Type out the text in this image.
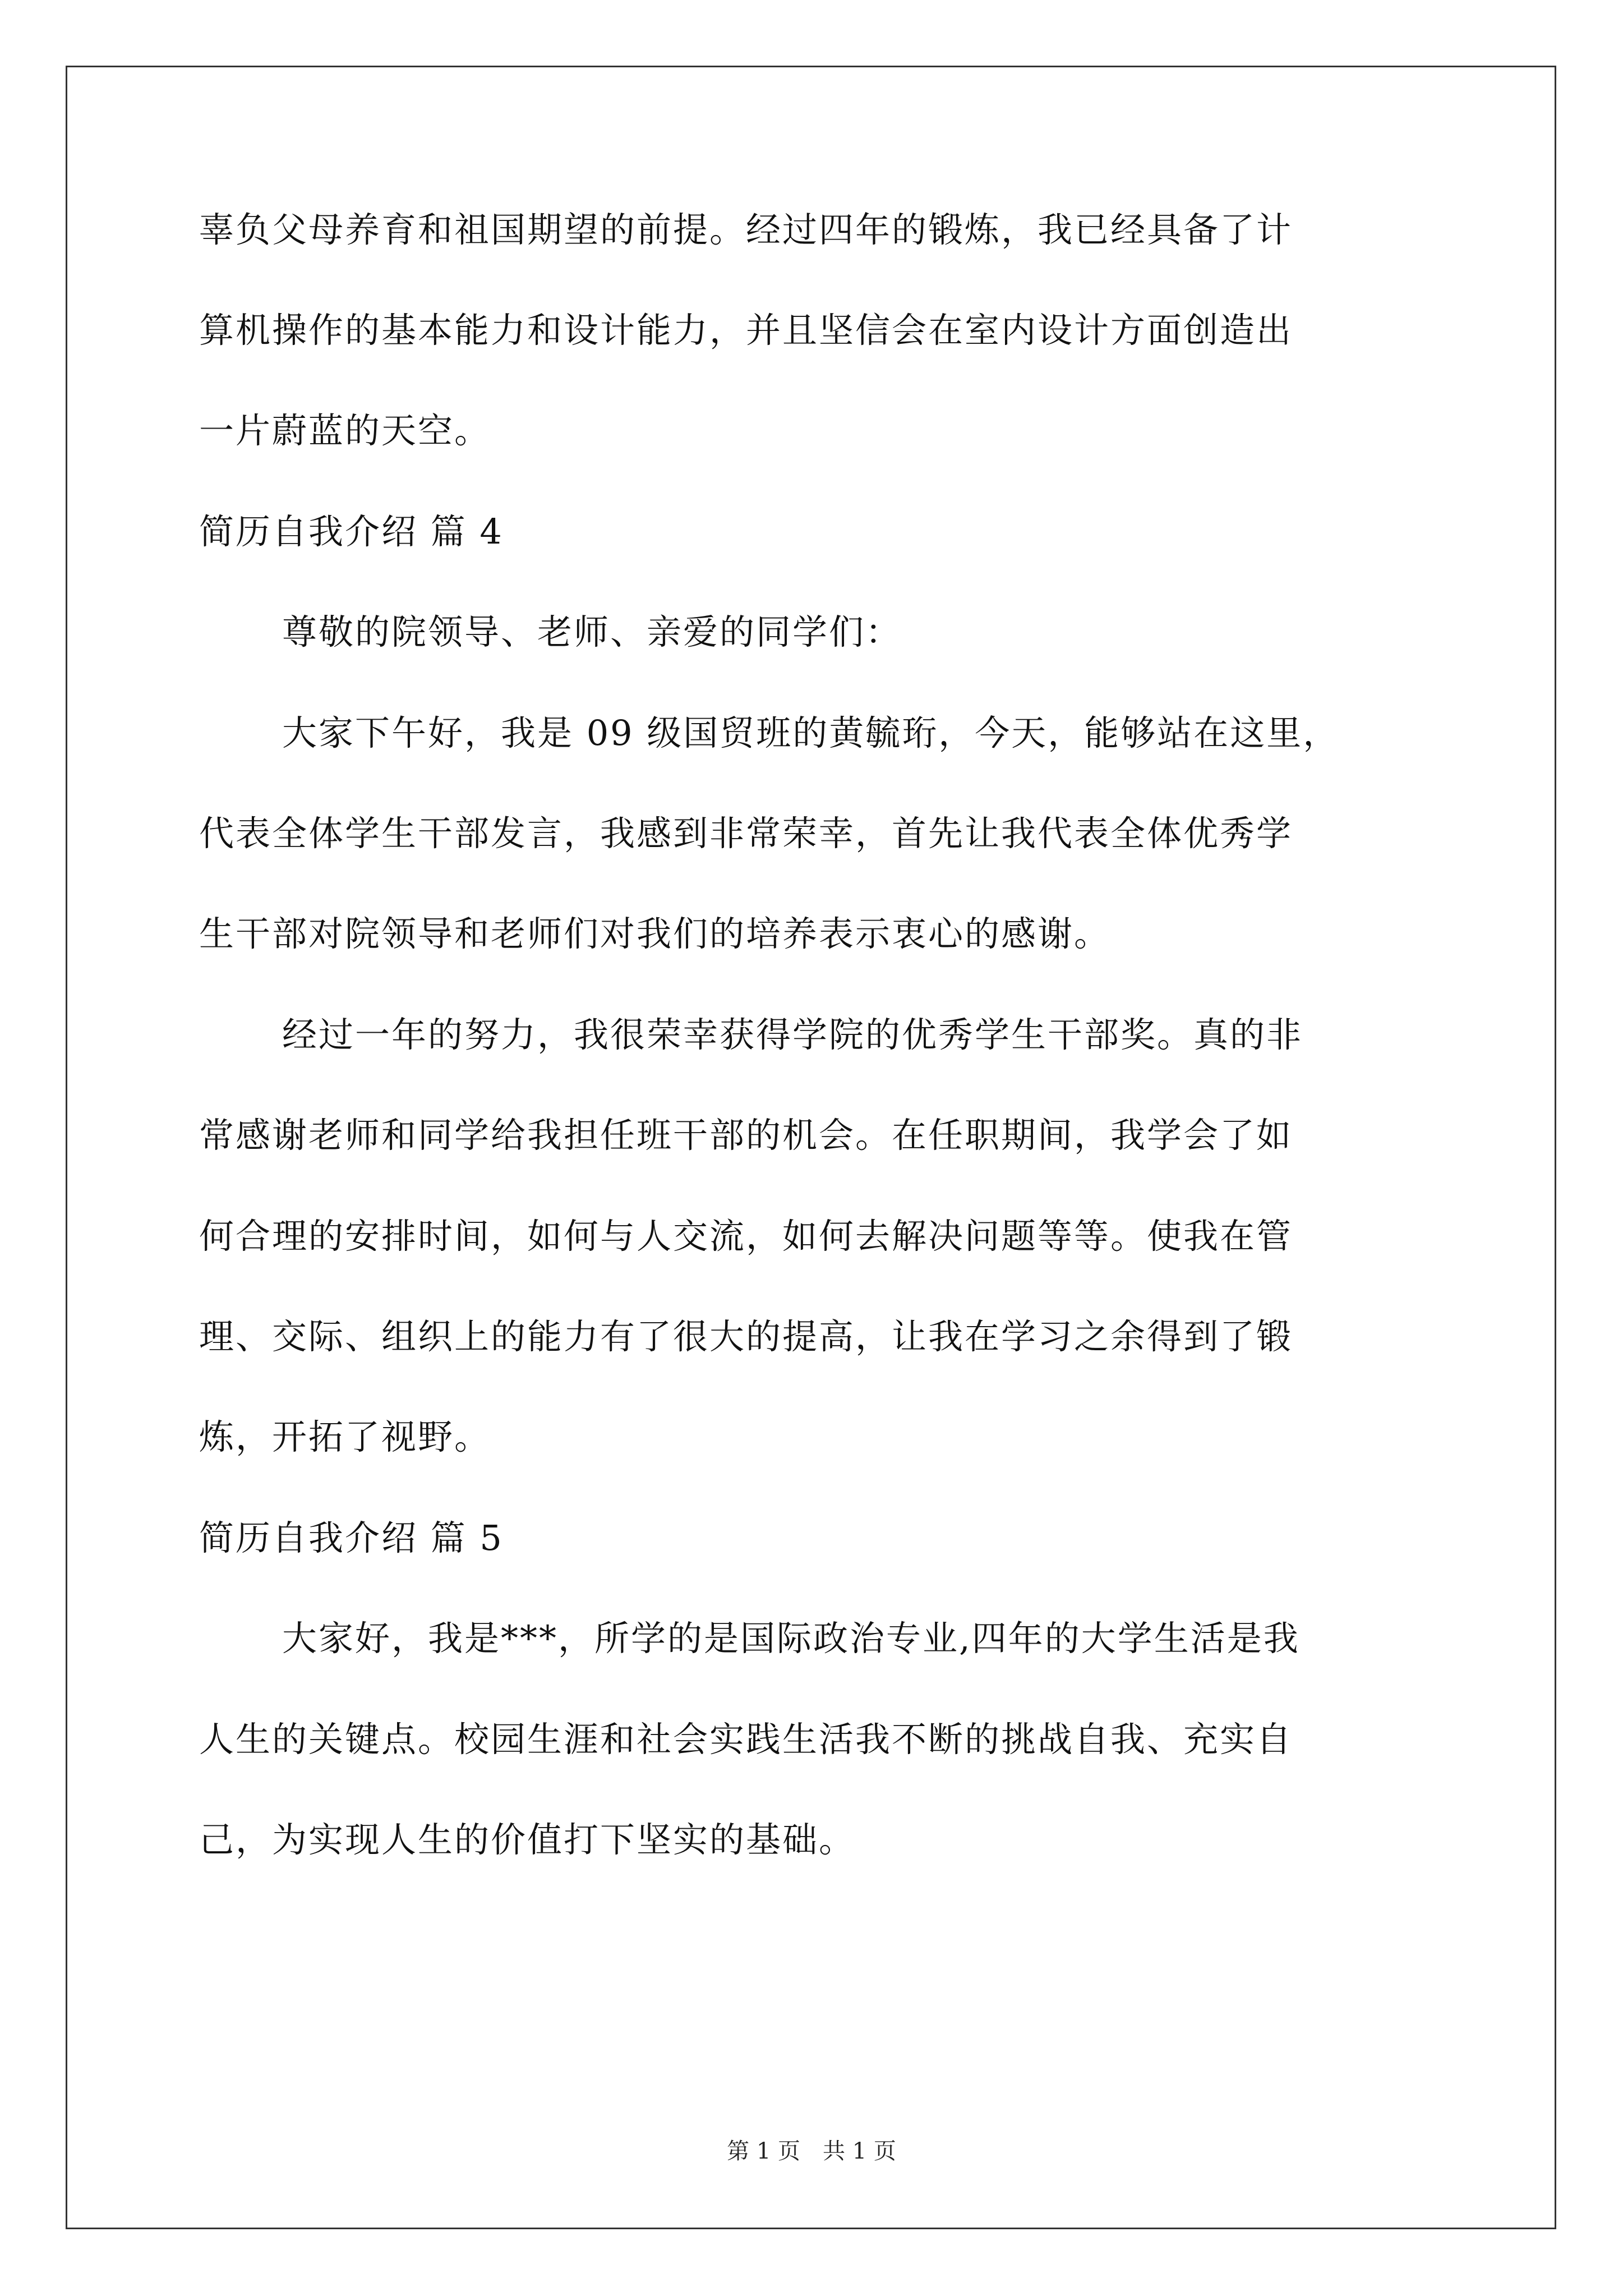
辜负父母养育和祖国期望的前提。经过四年的锻炼，我已经具备了计
算机操作的基本能力和设计能力，并且坚信会在室内设计方面创造出
一片蔚蓝的天空。
简历自我介绍 篇 4
尊敬的院领导、老师、亲爱的同学们：
大家下午好，我是 09 级国贸班的黄毓珩，今天，能够站在这里，
代表全体学生干部发言，我感到非常荣幸，首先让我代表全体优秀学
生干部对院领导和老师们对我们的培养表示衷心的感谢。
经过一年的努力，我很荣幸获得学院的优秀学生干部奖。真的非
常感谢老师和同学给我担任班干部的机会。在任职期间，我学会了如
何合理的安排时间，如何与人交流，如何去解决问题等等。使我在管
理、交际、组织上的能力有了很大的提高，让我在学习之余得到了锻
炼，开拓了视野。
简历自我介绍 篇 5
大家好，我是***，所学的是国际政治专业,四年的大学生活是我
人生的关键点。校园生涯和社会实践生活我不断的挑战自我、充实自
己，为实现人生的价值打下坚实的基础。
第 1 页　共 1 页
